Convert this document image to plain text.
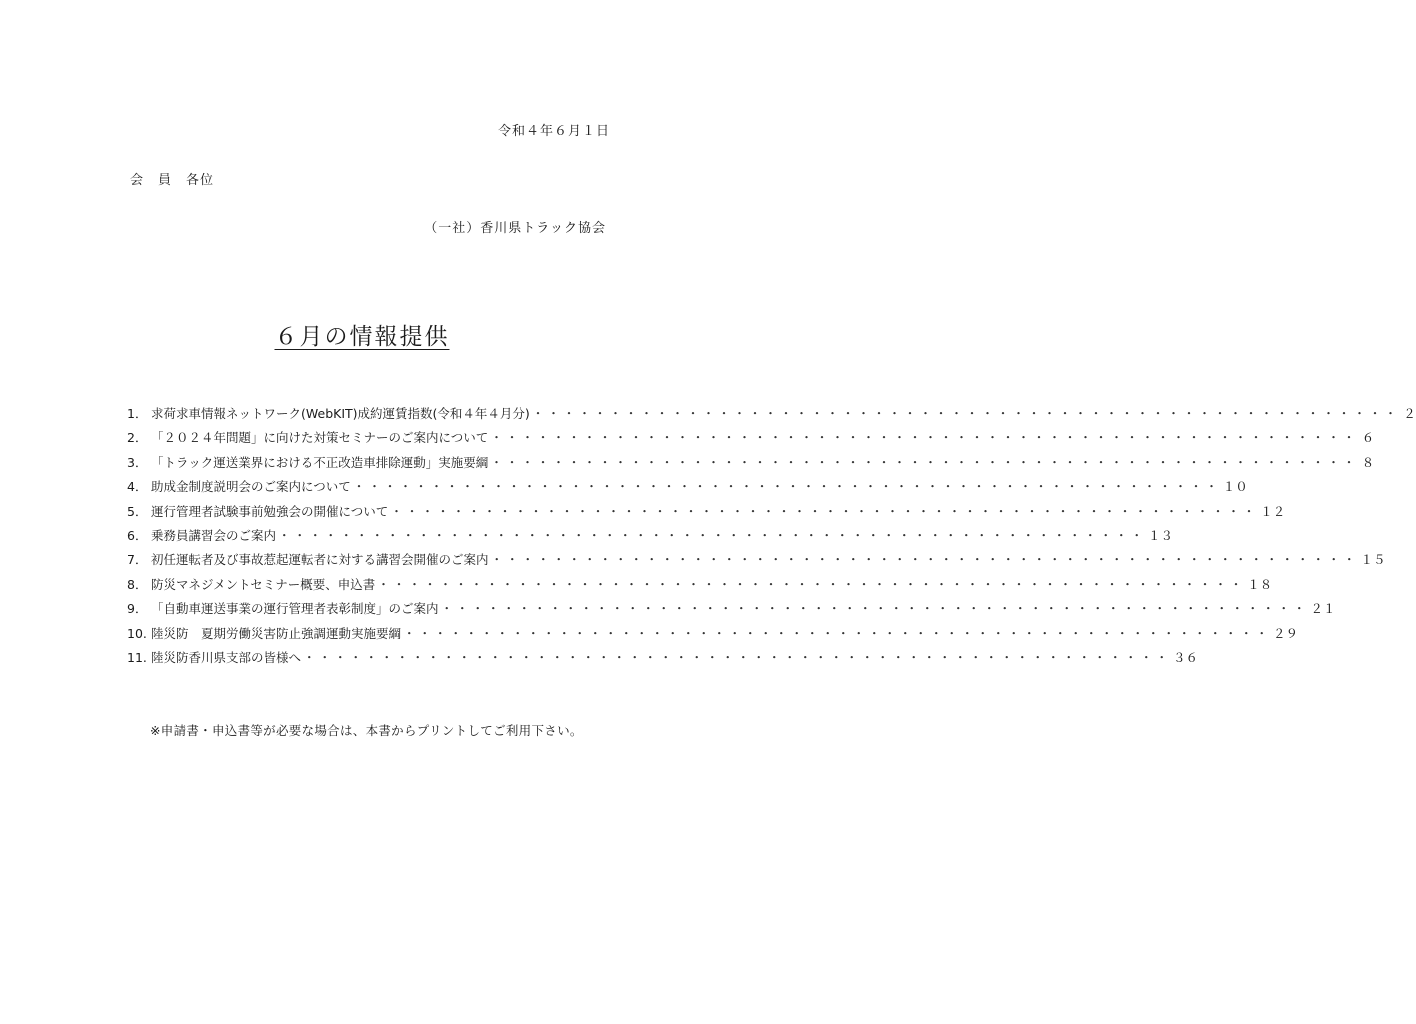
令和４年６月１日
会　員　各位
（一社）香川県トラック協会
６月の情報提供
1． 求荷求車情報ネットワーク(WebKIT)成約運賃指数(令和４年４月分) ・・・・・・・・・・・・・・・・・・・・・・・・・・・・・・・・・・・・・・・・・・・・・・・・・・・・・・・・	２
2． 「２０２４年問題」に向けた対策セミナーのご案内について ・・・・・・・・・・・・・・・・・・・・・・・・・・・・・・・・・・・・・・・・・・・・・・・・・・・・・・・・	６
3． 「トラック運送業界における不正改造車排除運動」実施要綱 ・・・・・・・・・・・・・・・・・・・・・・・・・・・・・・・・・・・・・・・・・・・・・・・・・・・・・・・・	８
4． 助成金制度説明会のご案内について ・・・・・・・・・・・・・・・・・・・・・・・・・・・・・・・・・・・・・・・・・・・・・・・・・・・・・・・・	１０
5． 運行管理者試験事前勉強会の開催について ・・・・・・・・・・・・・・・・・・・・・・・・・・・・・・・・・・・・・・・・・・・・・・・・・・・・・・・・	１２
6． 乗務員講習会のご案内 ・・・・・・・・・・・・・・・・・・・・・・・・・・・・・・・・・・・・・・・・・・・・・・・・・・・・・・・・	１３
7． 初任運転者及び事故惹起運転者に対する講習会開催のご案内 ・・・・・・・・・・・・・・・・・・・・・・・・・・・・・・・・・・・・・・・・・・・・・・・・・・・・・・・・	１５
8． 防災マネジメントセミナー概要、申込書 ・・・・・・・・・・・・・・・・・・・・・・・・・・・・・・・・・・・・・・・・・・・・・・・・・・・・・・・・	１８
9． 「自動車運送事業の運行管理者表彰制度」のご案内 ・・・・・・・・・・・・・・・・・・・・・・・・・・・・・・・・・・・・・・・・・・・・・・・・・・・・・・・・	２１
10. 陸災防　夏期労働災害防止強調運動実施要綱 ・・・・・・・・・・・・・・・・・・・・・・・・・・・・・・・・・・・・・・・・・・・・・・・・・・・・・・・・	２９
11. 陸災防香川県支部の皆様へ ・・・・・・・・・・・・・・・・・・・・・・・・・・・・・・・・・・・・・・・・・・・・・・・・・・・・・・・・	３６
※申請書・申込書等が必要な場合は、本書からプリントしてご利用下さい。
